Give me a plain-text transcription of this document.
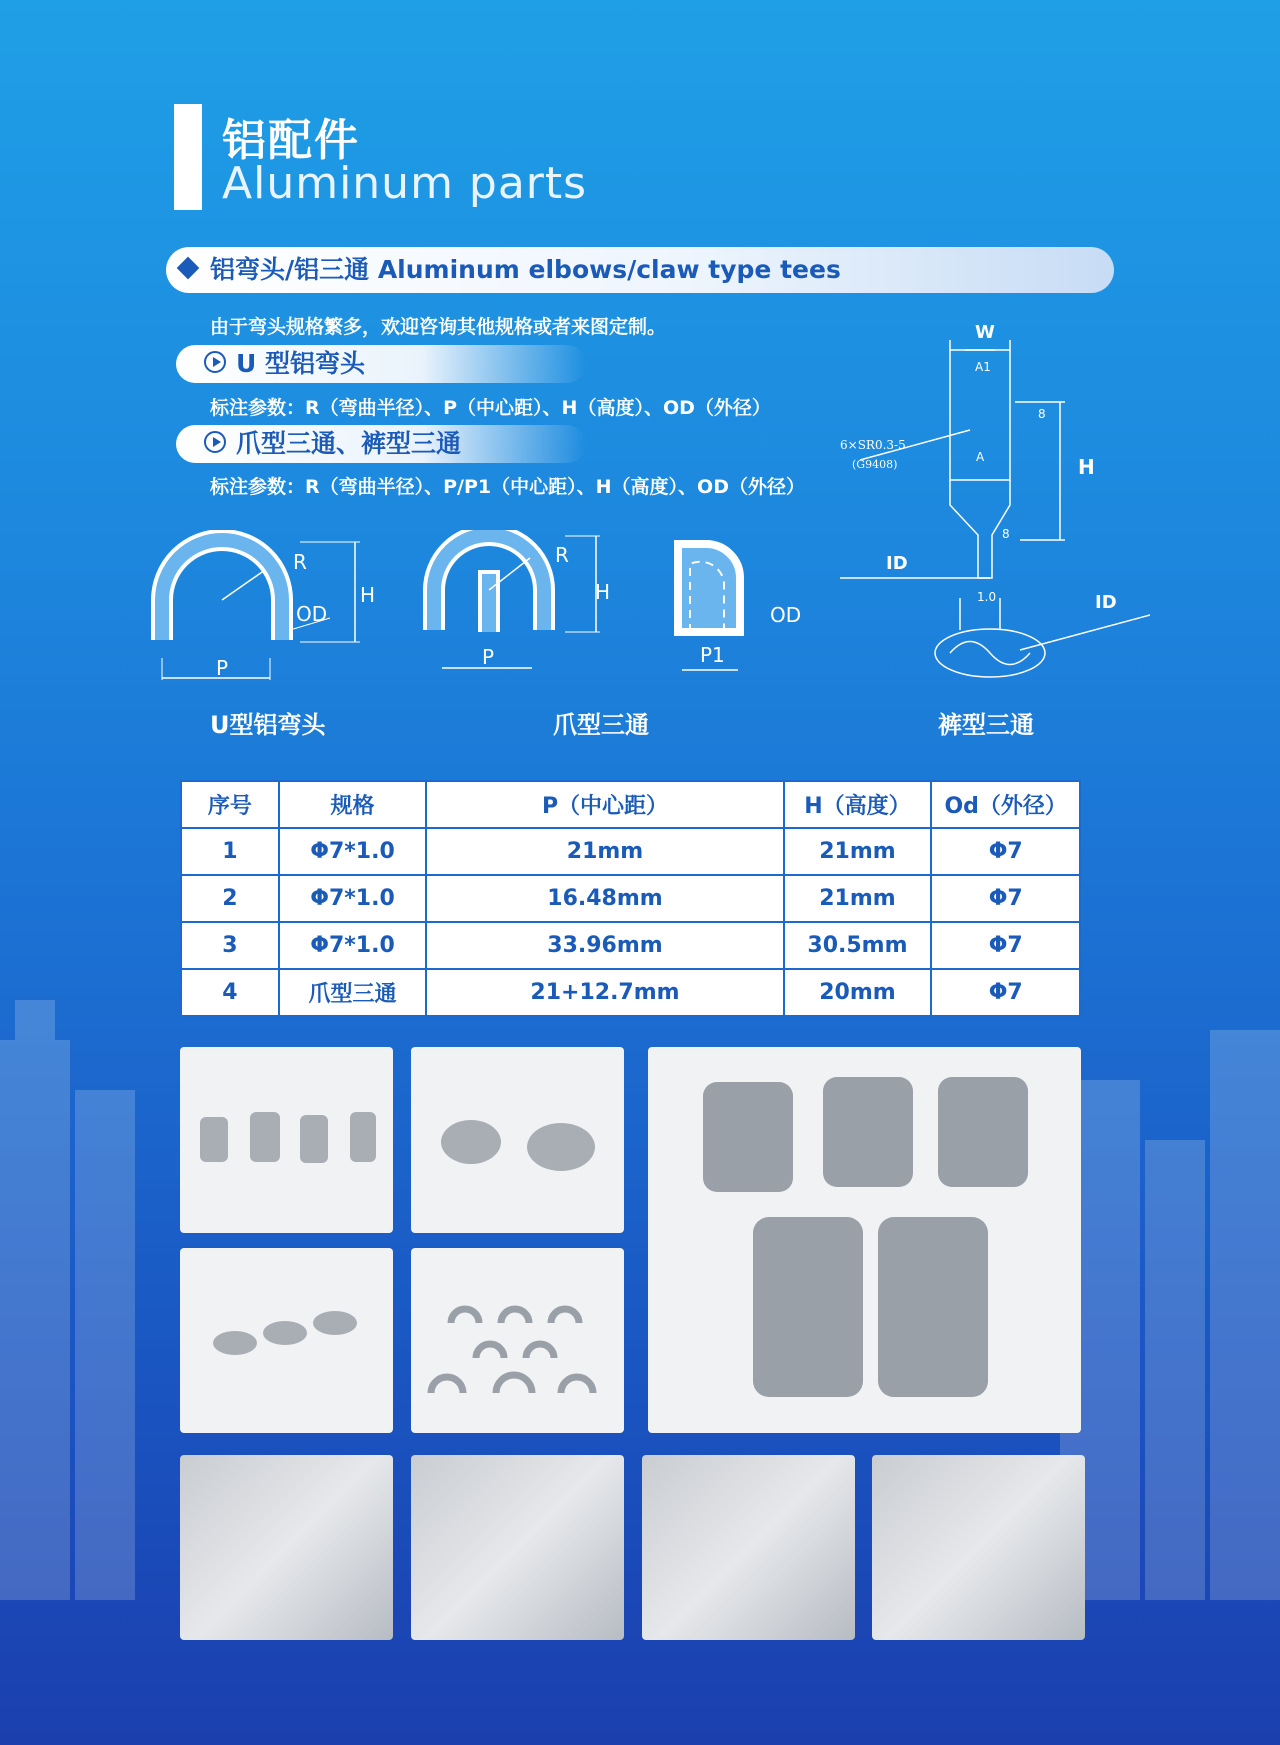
铝配件
Aluminum parts
铝弯头/铝三通 Aluminum elbows/claw type tees
由于弯头规格繁多，欢迎咨询其他规格或者来图定制。
U 型铝弯头
标注参数：R（弯曲半径）、P（中心距）、H（高度）、OD（外径）
爪型三通、裤型三通
标注参数：R（弯曲半径）、P/P1（中心距）、H（高度）、OD（外径）
R
H
OD
P
U型铝弯头
R
H
P
爪型三通
OD
P1
W
H
ID
ID
A1
A
6×SR0.3-5
(G9408)
8
8
1.0
裤型三通
序号	规格	P（中心距）	H（高度）	Od（外径）
1	Φ7*1.0	21mm	21mm	Φ7
2	Φ7*1.0	16.48mm	21mm	Φ7
3	Φ7*1.0	33.96mm	30.5mm	Φ7
4	爪型三通	21+12.7mm	20mm	Φ7
